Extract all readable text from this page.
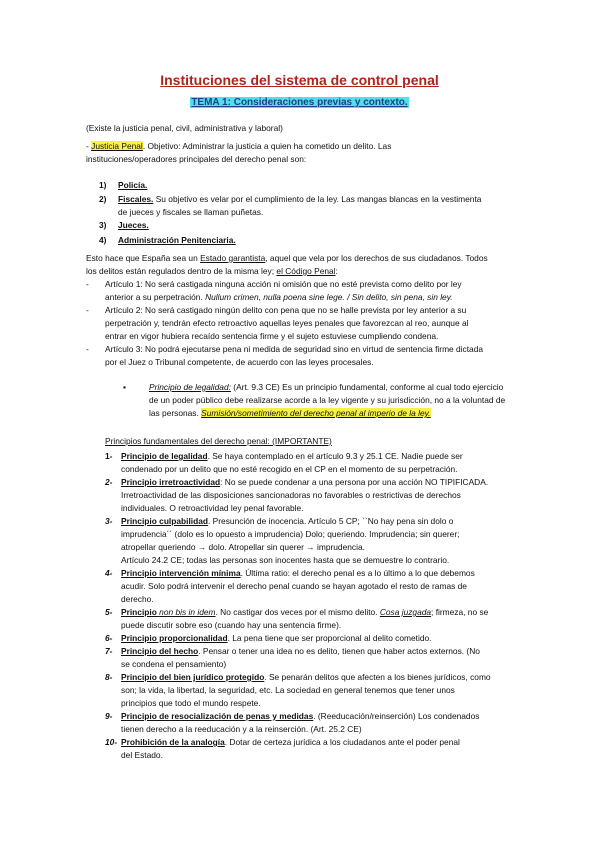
Instituciones del sistema de control penal
TEMA 1: Consideraciones previas y contexto.
(Existe la justicia penal, civil, administrativa y laboral)
- Justicia Penal. Objetivo: Administrar la justicia a quien ha cometido un delito. Las
instituciones/operadores principales del derecho penal son:
1) Policía.
2) Fiscales. Su objetivo es velar por el cumplimiento de la ley. Las mangas blancas en la vestimenta
de jueces y fiscales se llaman puñetas.
3) Jueces.
4) Administración Penitenciaria.
Esto hace que España sea un Estado garantista, aquel que vela por los derechos de sus ciudadanos. Todos
los delitos están regulados dentro de la misma ley; el Código Penal:
- Artículo 1: No será castigada ninguna acción ni omisión que no esté prevista como delito por ley
anterior a su perpetración. Nullum crimen, nulla poena sine lege. / Sin delito, sin pena, sin ley.
- Artículo 2: No será castigado ningún delito con pena que no se halle prevista por ley anterior a su
perpetración y, tendrán efecto retroactivo aquellas leyes penales que favorezcan al reo, aunque al
entrar en vigor hubiera recaído sentencia firme y el sujeto estuviese cumpliendo condena.
- Artículo 3: No podrá ejecutarse pena ni medida de seguridad sino en virtud de sentencia firme dictada
por el Juez o Tribunal competente, de acuerdo con las leyes procesales.
▪	Principio de legalidad: (Art. 9.3 CE) Es un principio fundamental, conforme al cual todo ejercicio
de un poder público debe realizarse acorde a la ley vigente y su jurisdicción, no a la voluntad de
las personas. Sumisión/sometimiento del derecho penal al imperio de la ley.
Principios fundamentales del derecho penal: (IMPORTANTE)
1- Principio de legalidad. Se haya contemplado en el artículo 9.3 y 25.1 CE. Nadie puede ser
condenado por un delito que no esté recogido en el CP en el momento de su perpetración.
2- Principio irretroactividad: No se puede condenar a una persona por una acción NO TIPIFICADA.
Irretroactividad de las disposiciones sancionadoras no favorables o restrictivas de derechos
individuales. O retroactividad ley penal favorable.
3- Principio culpabilidad. Presunción de inocencia. Artículo 5 CP; ``No hay pena sin dolo o
imprudencia´´ (dolo es lo opuesto a imprudencia) Dolo; queriendo. Imprudencia; sin querer;
atropellar queriendo → dolo. Atropellar sin querer → imprudencia.
Artículo 24.2 CE; todas las personas son inocentes hasta que se demuestre lo contrario.
4- Principio intervención mínima. Última ratio: el derecho penal es a lo último a lo que debemos
acudir. Solo podrá intervenir el derecho penal cuando se hayan agotado el resto de ramas de
derecho.
5- Principio non bis in idem. No castigar dos veces por el mismo delito. Cosa juzgada; firmeza, no se
puede discutir sobre eso (cuando hay una sentencia firme).
6- Principio proporcionalidad. La pena tiene que ser proporcional al delito cometido.
7- Principio del hecho. Pensar o tener una idea no es delito, tienen que haber actos externos. (No
se condena el pensamiento)
8- Principio del bien jurídico protegido. Se penarán delitos que afecten a los bienes jurídicos, como
son; la vida, la libertad, la seguridad, etc. La sociedad en general tenemos que tener unos
principios que todo el mundo respete.
9- Principio de resocialización de penas y medidas. (Reeducación/reinserción) Los condenados
tienen derecho a la reeducación y a la reinserción. (Art. 25.2 CE)
10- Prohibición de la analogía. Dotar de certeza jurídica a los ciudadanos ante el poder penal
del Estado.
